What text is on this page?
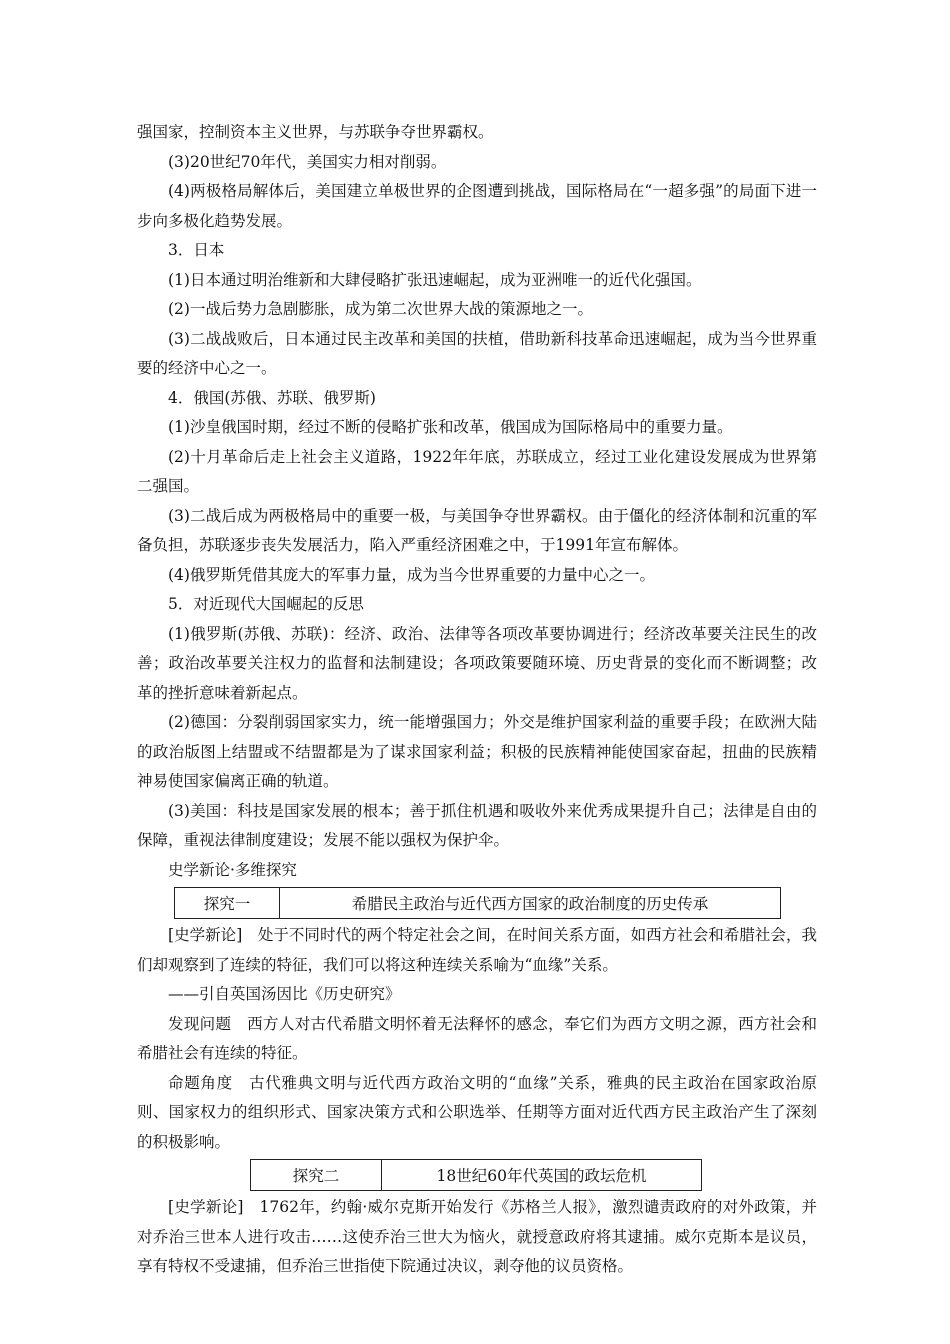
强国家，控制资本主义世界，与苏联争夺世界霸权。

(3)20世纪70年代，美国实力相对削弱。

(4)两极格局解体后，美国建立单极世界的企图遭到挑战，国际格局在“一超多强”的局面下进一步向多极化趋势发展。

3．日本

(1)日本通过明治维新和大肆侵略扩张迅速崛起，成为亚洲唯一的近代化强国。

(2)一战后势力急剧膨胀，成为第二次世界大战的策源地之一。

(3)二战战败后，日本通过民主改革和美国的扶植，借助新科技革命迅速崛起，成为当今世界重要的经济中心之一。

4．俄国(苏俄、苏联、俄罗斯)

(1)沙皇俄国时期，经过不断的侵略扩张和改革，俄国成为国际格局中的重要力量。

(2)十月革命后走上社会主义道路，1922年年底，苏联成立，经过工业化建设发展成为世界第二强国。

(3)二战后成为两极格局中的重要一极，与美国争夺世界霸权。由于僵化的经济体制和沉重的军备负担，苏联逐步丧失发展活力，陷入严重经济困难之中，于1991年宣布解体。

(4)俄罗斯凭借其庞大的军事力量，成为当今世界重要的力量中心之一。

5．对近现代大国崛起的反思

(1)俄罗斯(苏俄、苏联)：经济、政治、法律等各项改革要协调进行；经济改革要关注民生的改善；政治改革要关注权力的监督和法制建设；各项政策要随环境、历史背景的变化而不断调整；改革的挫折意味着新起点。

(2)德国：分裂削弱国家实力，统一能增强国力；外交是维护国家利益的重要手段；在欧洲大陆的政治版图上结盟或不结盟都是为了谋求国家利益；积极的民族精神能使国家奋起，扭曲的民族精神易使国家偏离正确的轨道。

(3)美国：科技是国家发展的根本；善于抓住机遇和吸收外来优秀成果提升自己；法律是自由的保障，重视法律制度建设；发展不能以强权为保护伞。

史学新论·多维探究

探究一	希腊民主政治与近代西方国家的政治制度的历史传承

[史学新论]　处于不同时代的两个特定社会之间，在时间关系方面，如西方社会和希腊社会，我们却观察到了连续的特征，我们可以将这种连续关系喻为“血缘”关系。

——引自英国汤因比《历史研究》

发现问题　西方人对古代希腊文明怀着无法释怀的感念，奉它们为西方文明之源，西方社会和希腊社会有连续的特征。

命题角度　古代雅典文明与近代西方政治文明的“血缘”关系，雅典的民主政治在国家政治原则、国家权力的组织形式、国家决策方式和公职选举、任期等方面对近代西方民主政治产生了深刻的积极影响。

探究二	18世纪60年代英国的政坛危机

[史学新论]　1762年，约翰·威尔克斯开始发行《苏格兰人报》，激烈谴责政府的对外政策，并对乔治三世本人进行攻击……这使乔治三世大为恼火，就授意政府将其逮捕。威尔克斯本是议员，享有特权不受逮捕，但乔治三世指使下院通过决议，剥夺他的议员资格。
